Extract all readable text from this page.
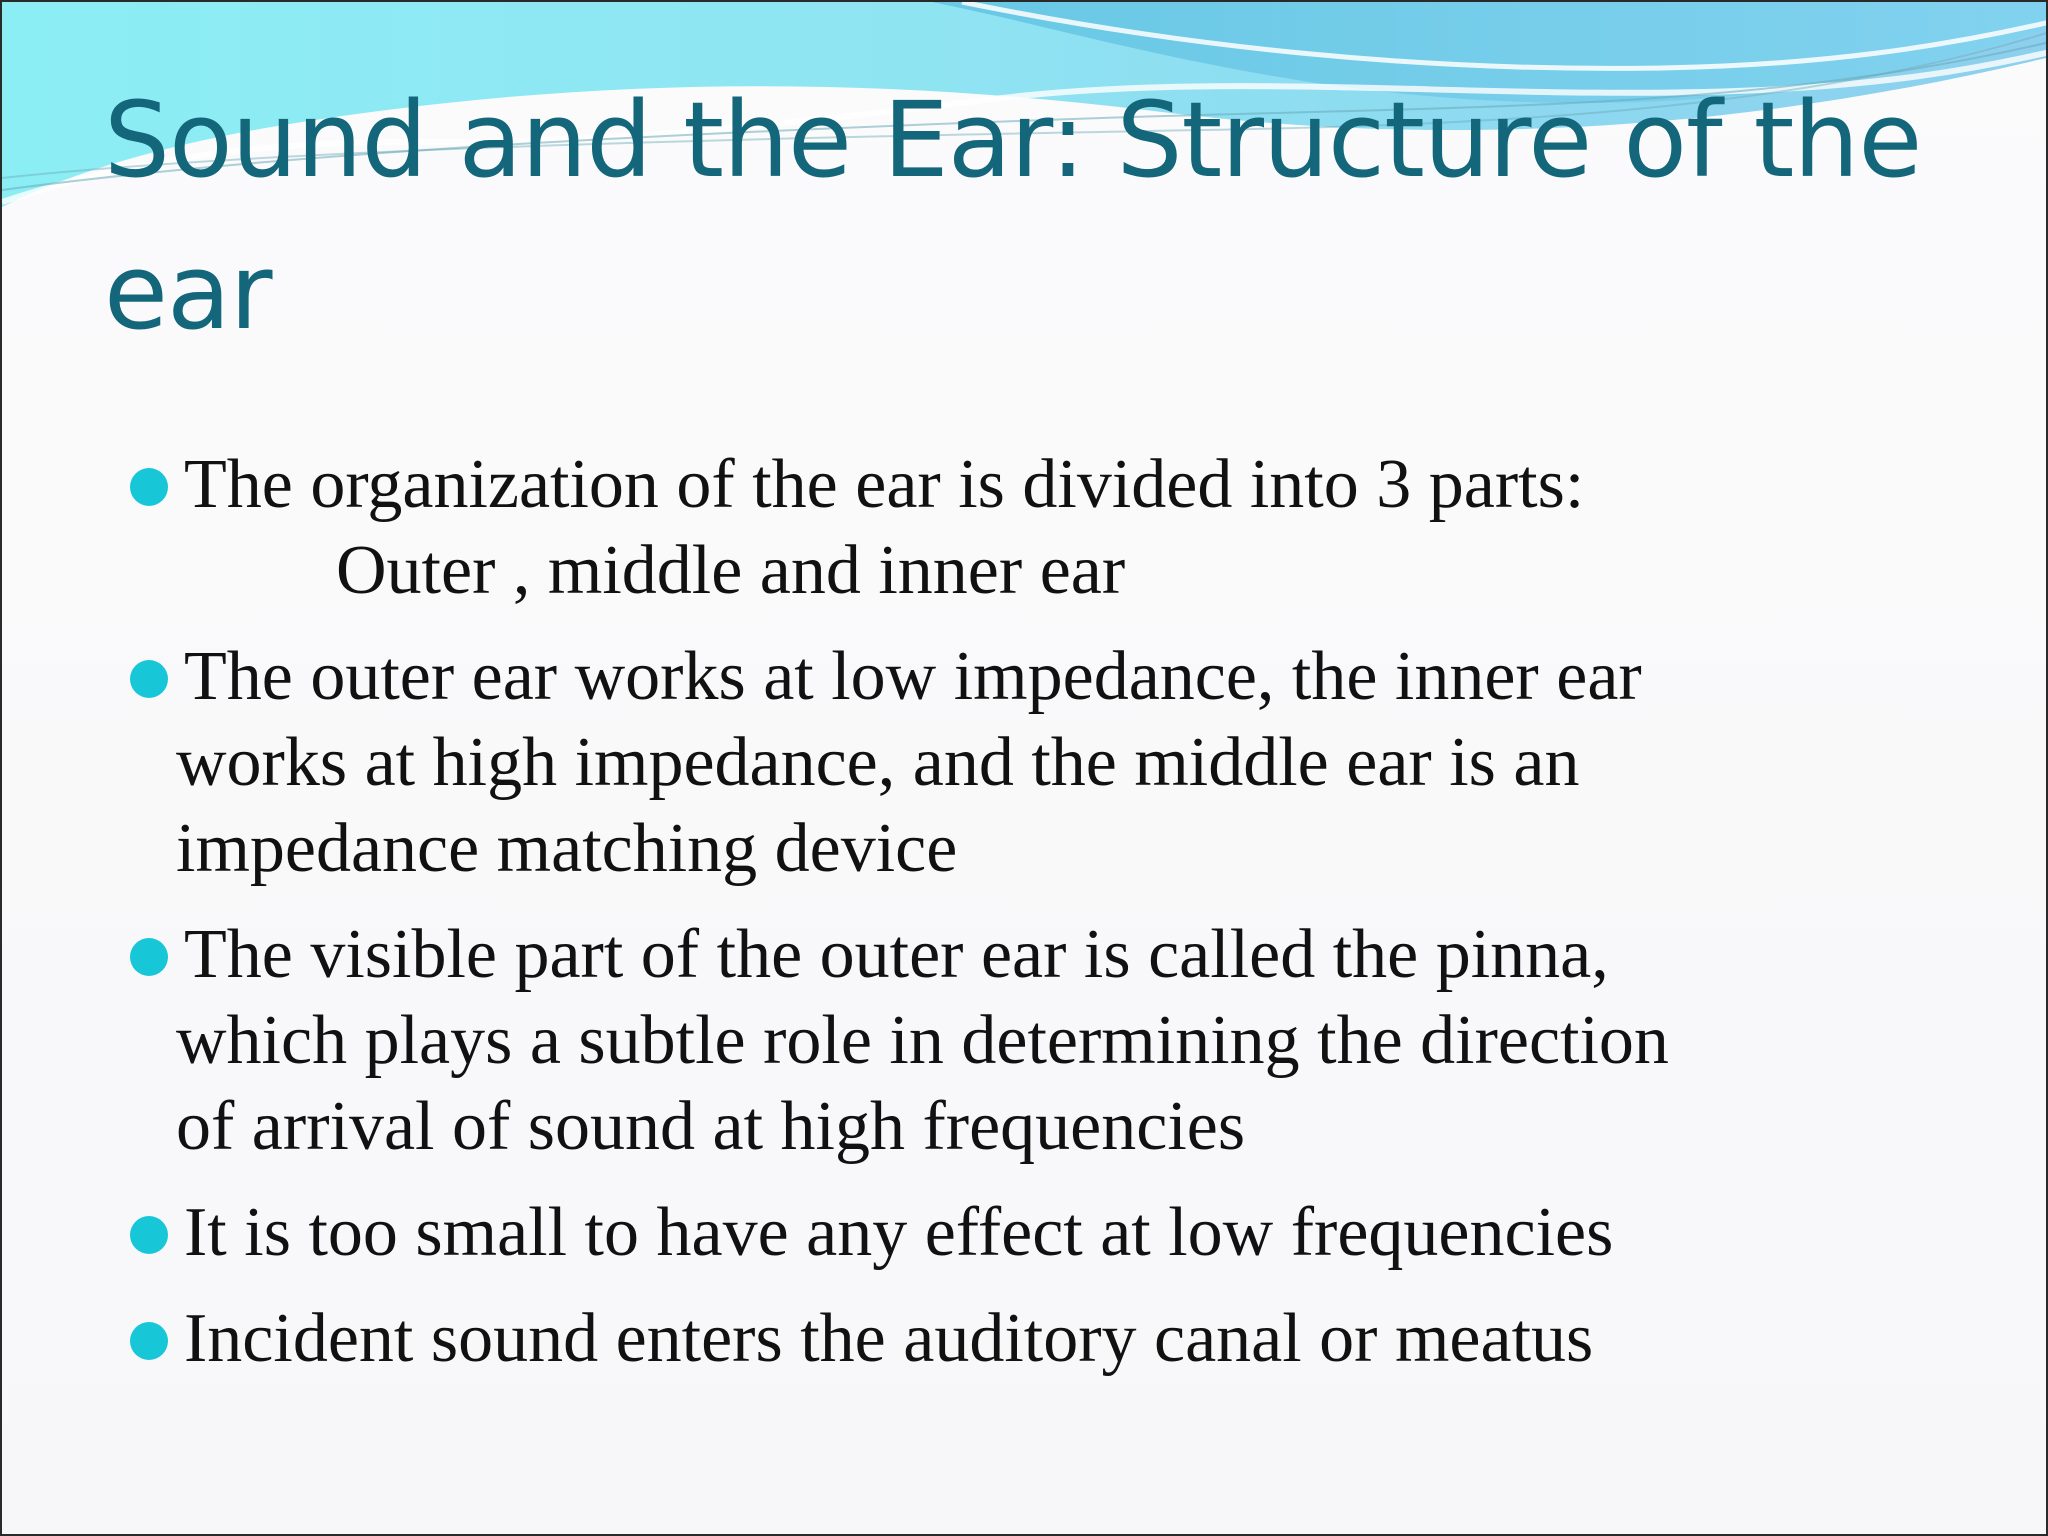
Sound and the Ear: Structure of the ear
The organization of the ear is divided into 3 parts:
Outer , middle and inner ear
The outer ear works at low impedance, the inner ear
works at high impedance, and the middle ear is an
impedance matching device
The visible part of the outer ear is called the pinna,
which plays a subtle role in determining the direction
of arrival of sound at high frequencies
It is too small to have any effect at low frequencies
Incident sound enters the auditory canal or meatus
